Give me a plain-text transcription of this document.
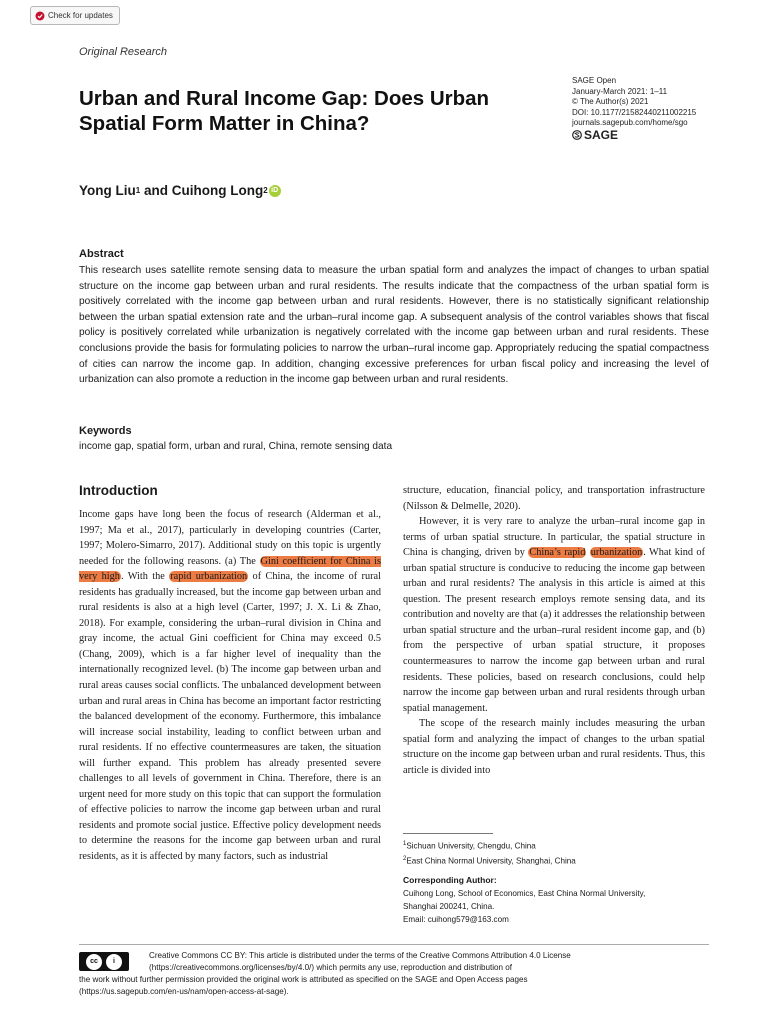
Check for updates
Original Research
Urban and Rural Income Gap: Does Urban Spatial Form Matter in China?
SAGE Open
January-March 2021: 1–11
© The Author(s) 2021
DOI: 10.1177/21582440211002215
journals.sagepub.com/home/sgo
SAGE
Yong Liu 1 and Cuihong Long 2 iD
Abstract
This research uses satellite remote sensing data to measure the urban spatial form and analyzes the impact of changes to urban spatial structure on the income gap between urban and rural residents. The results indicate that the compactness of the urban spatial form is positively correlated with the income gap between urban and rural residents. However, there is no statistically significant relationship between the urban spatial extension rate and the urban–rural income gap. A subsequent analysis of the control variables shows that fiscal policy is positively correlated while urbanization is negatively correlated with the income gap between urban and rural residents. These conclusions provide the basis for formulating policies to narrow the urban–rural income gap. Appropriately reducing the spatial compactness of cities can narrow the income gap. In addition, changing excessive preferences for urban fiscal policy and increasing the level of urbanization can also promote a reduction in the income gap between urban and rural residents.
Keywords
income gap, spatial form, urban and rural, China, remote sensing data
Introduction

Income gaps have long been the focus of research (Alderman et al., 1997; Ma et al., 2017), particularly in developing countries (Carter, 1997; Molero-Simarro, 2017). Additional study on this topic is urgently needed for the following reasons. (a) The Gini coefficient for China is very high. With the rapid urbanization of China, the income of rural residents has gradually increased, but the income gap between urban and rural residents is also at a high level (Carter, 1997; J. X. Li & Zhao, 2018). For example, considering the urban–rural division in China and gray income, the actual Gini coefficient for China may exceed 0.5 (Chang, 2009), which is a far higher level of inequality than the internationally recognized level. (b) The income gap between urban and rural areas causes social conflicts. The unbalanced development between urban and rural areas in China has become an important factor restricting the balanced development of the economy. Furthermore, this imbalance will increase social instability, leading to conflict between urban and rural residents. If no effective countermeasures are taken, the situation will further expand. This problem has already presented severe challenges to all levels of government in China. Therefore, there is an urgent need for more study on this topic that can support the formulation of effective policies to narrow the income gap between urban and rural residents and promote social justice. Effective policy development needs to determine the reasons for the income gap between urban and rural residents, as it is affected by many factors, such as industrial

structure, education, financial policy, and transportation infrastructure (Nilsson & Delmelle, 2020).

However, it is very rare to analyze the urban–rural income gap in terms of urban spatial structure. In particular, the spatial structure in China is changing, driven by China’s rapid urbanization. What kind of urban spatial structure is conducive to reducing the income gap between urban and rural residents? The analysis in this article is aimed at this question. The present research employs remote sensing data, and its contribution and novelty are that (a) it addresses the relationship between urban spatial structure and the urban–rural resident income gap, and (b) from the perspective of urban spatial structure, it proposes countermeasures to narrow the income gap between urban and rural residents. These policies, based on research conclusions, could help narrow the income gap between urban and rural residents through urban spatial management.

The scope of the research mainly includes measuring the urban spatial form and analyzing the impact of changes to the urban spatial structure on the income gap between urban and rural residents. Thus, this article is divided into

$^1$Sichuan University, Chengdu, China
$^2$East China Normal University, Shanghai, China
Corresponding Author:
Cuihong Long, School of Economics, East China Normal University,
Shanghai 200241, China.
Email: cuihong579@163.com
cc	i
Creative Commons CC BY: This article is distributed under the terms of the Creative Commons Attribution 4.0 License
(https://creativecommons.org/licenses/by/4.0/) which permits any use, reproduction and distribution of
the work without further permission provided the original work is attributed as specified on the SAGE and Open Access pages
(https://us.sagepub.com/en-us/nam/open-access-at-sage).
